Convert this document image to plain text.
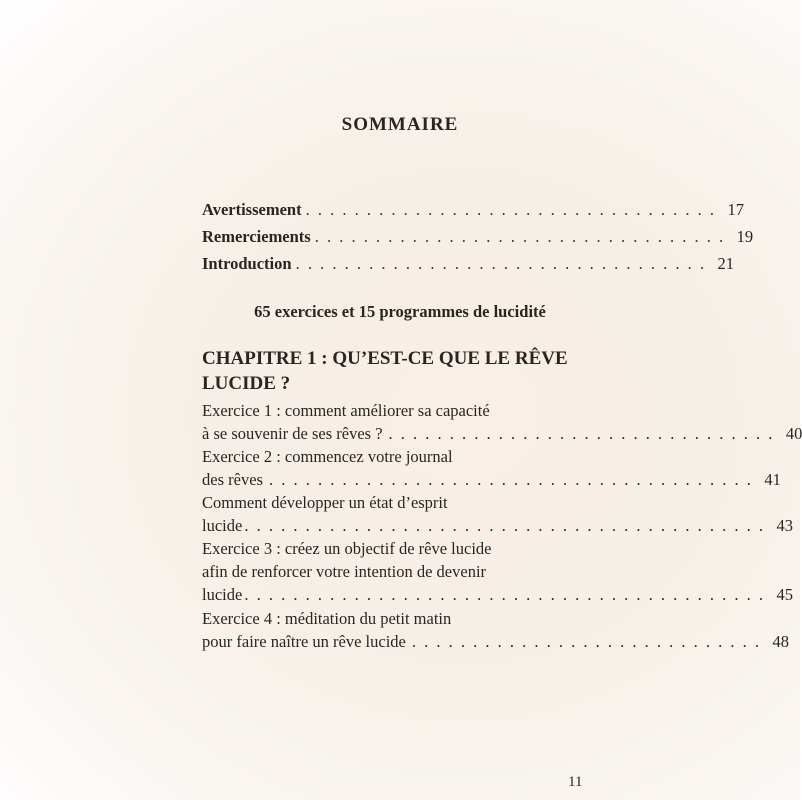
SOMMAIRE
Avertissement . . . . . . . . . . . . . . . . . . . . . . . . . . . . . . . . . . 17
Remerciements . . . . . . . . . . . . . . . . . . . . . . . . . . . . . . . . . . 19
Introduction . . . . . . . . . . . . . . . . . . . . . . . . . . . . . . . . . . 21
65 exercices et 15 programmes de lucidité
CHAPITRE 1 : QU’EST-CE QUE LE RÊVE
LUCIDE ?
Exercice 1 : comment améliorer sa capacité
à se souvenir de ses rêves ? . . . . . . . . . . . . . . . . . . . . . . . . . . . . . . . . 40
Exercice 2 : commencez votre journal
des rêves . . . . . . . . . . . . . . . . . . . . . . . . . . . . . . . . . . . . . . . . 41
Comment développer un état d’esprit
lucide . . . . . . . . . . . . . . . . . . . . . . . . . . . . . . . . . . . . . . . . . . . 43
Exercice 3 : créez un objectif de rêve lucide
afin de renforcer votre intention de devenir
lucide . . . . . . . . . . . . . . . . . . . . . . . . . . . . . . . . . . . . . . . . . . . 45
Exercice 4 : méditation du petit matin
pour faire naître un rêve lucide . . . . . . . . . . . . . . . . . . . . . . . . . . . . . 48
11
